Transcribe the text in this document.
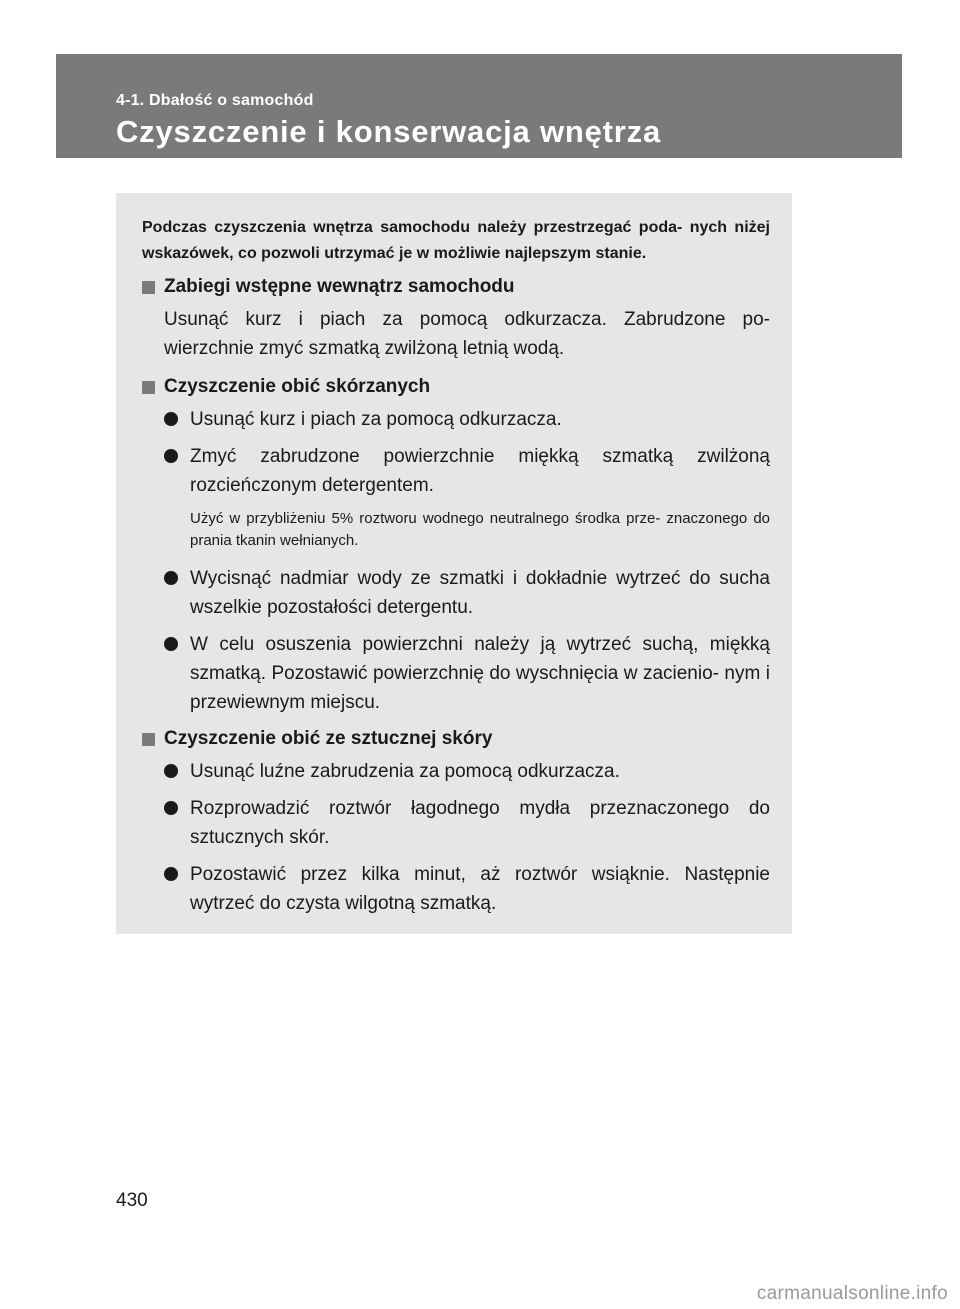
4-1. Dbałość o samochód
Czyszczenie i konserwacja wnętrza

Podczas czyszczenia wnętrza samochodu należy przestrzegać poda- nych niżej wskazówek, co pozwoli utrzymać je w możliwie najlepszym stanie.

Zabiegi wstępne wewnątrz samochodu

Usunąć kurz i piach za pomocą odkurzacza. Zabrudzone po- wierzchnie zmyć szmatką zwilżoną letnią wodą.

Czyszczenie obić skórzanych
Usunąć kurz i piach za pomocą odkurzacza.
Zmyć zabrudzone powierzchnie miękką szmatką zwilżoną rozcieńczonym detergentem.

Użyć w przybliżeniu 5% roztworu wodnego neutralnego środka prze- znaczonego do prania tkanin wełnianych.

Wycisnąć nadmiar wody ze szmatki i dokładnie wytrzeć do sucha wszelkie pozostałości detergentu.
W celu osuszenia powierzchni należy ją wytrzeć suchą, miękką szmatką. Pozostawić powierzchnię do wyschnięcia w zacienio- nym i przewiewnym miejscu.
Czyszczenie obić ze sztucznej skóry
Usunąć luźne zabrudzenia za pomocą odkurzacza.
Rozprowadzić roztwór łagodnego mydła przeznaczonego do sztucznych skór.
Pozostawić przez kilka minut, aż roztwór wsiąknie. Następnie wytrzeć do czysta wilgotną szmatką.
430
carmanualsonline.info
